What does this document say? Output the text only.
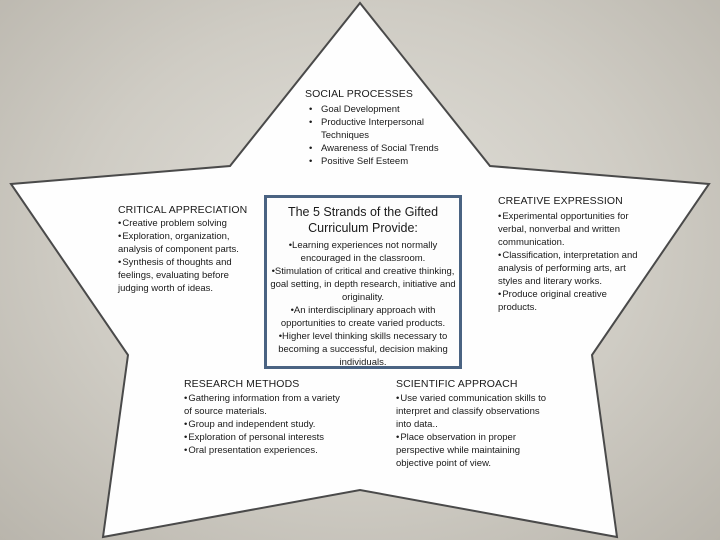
SOCIAL PROCESSES
• Goal Development
• Productive Interpersonal Techniques
• Awareness of Social Trends
• Positive Self Esteem
CRITICAL APPRECIATION

•Creative problem solving

•Exploration, organization, analysis of component parts.

•Synthesis of thoughts and feelings, evaluating before judging worth of ideas.

CREATIVE EXPRESSION

•Experimental opportunities for verbal, nonverbal and written communication.

•Classification, interpretation and analysis of performing arts, art styles and literary works.

•Produce original creative products.

The 5 Strands of the Gifted Curriculum Provide:

•Learning experiences not normally encouraged in the classroom.

•Stimulation of critical and creative thinking, goal setting, in depth research, initiative and originality.

•An interdisciplinary approach with opportunities to create varied products.

•Higher level thinking skills necessary to becoming a successful, decision making individuals.

RESEARCH METHODS

•Gathering information from a variety of source materials.

•Group and independent study.

•Exploration of personal interests

•Oral presentation experiences.

SCIENTIFIC APPROACH

•Use varied communication skills to interpret and classify observations into data..

•Place observation in proper perspective while maintaining objective point of view.
